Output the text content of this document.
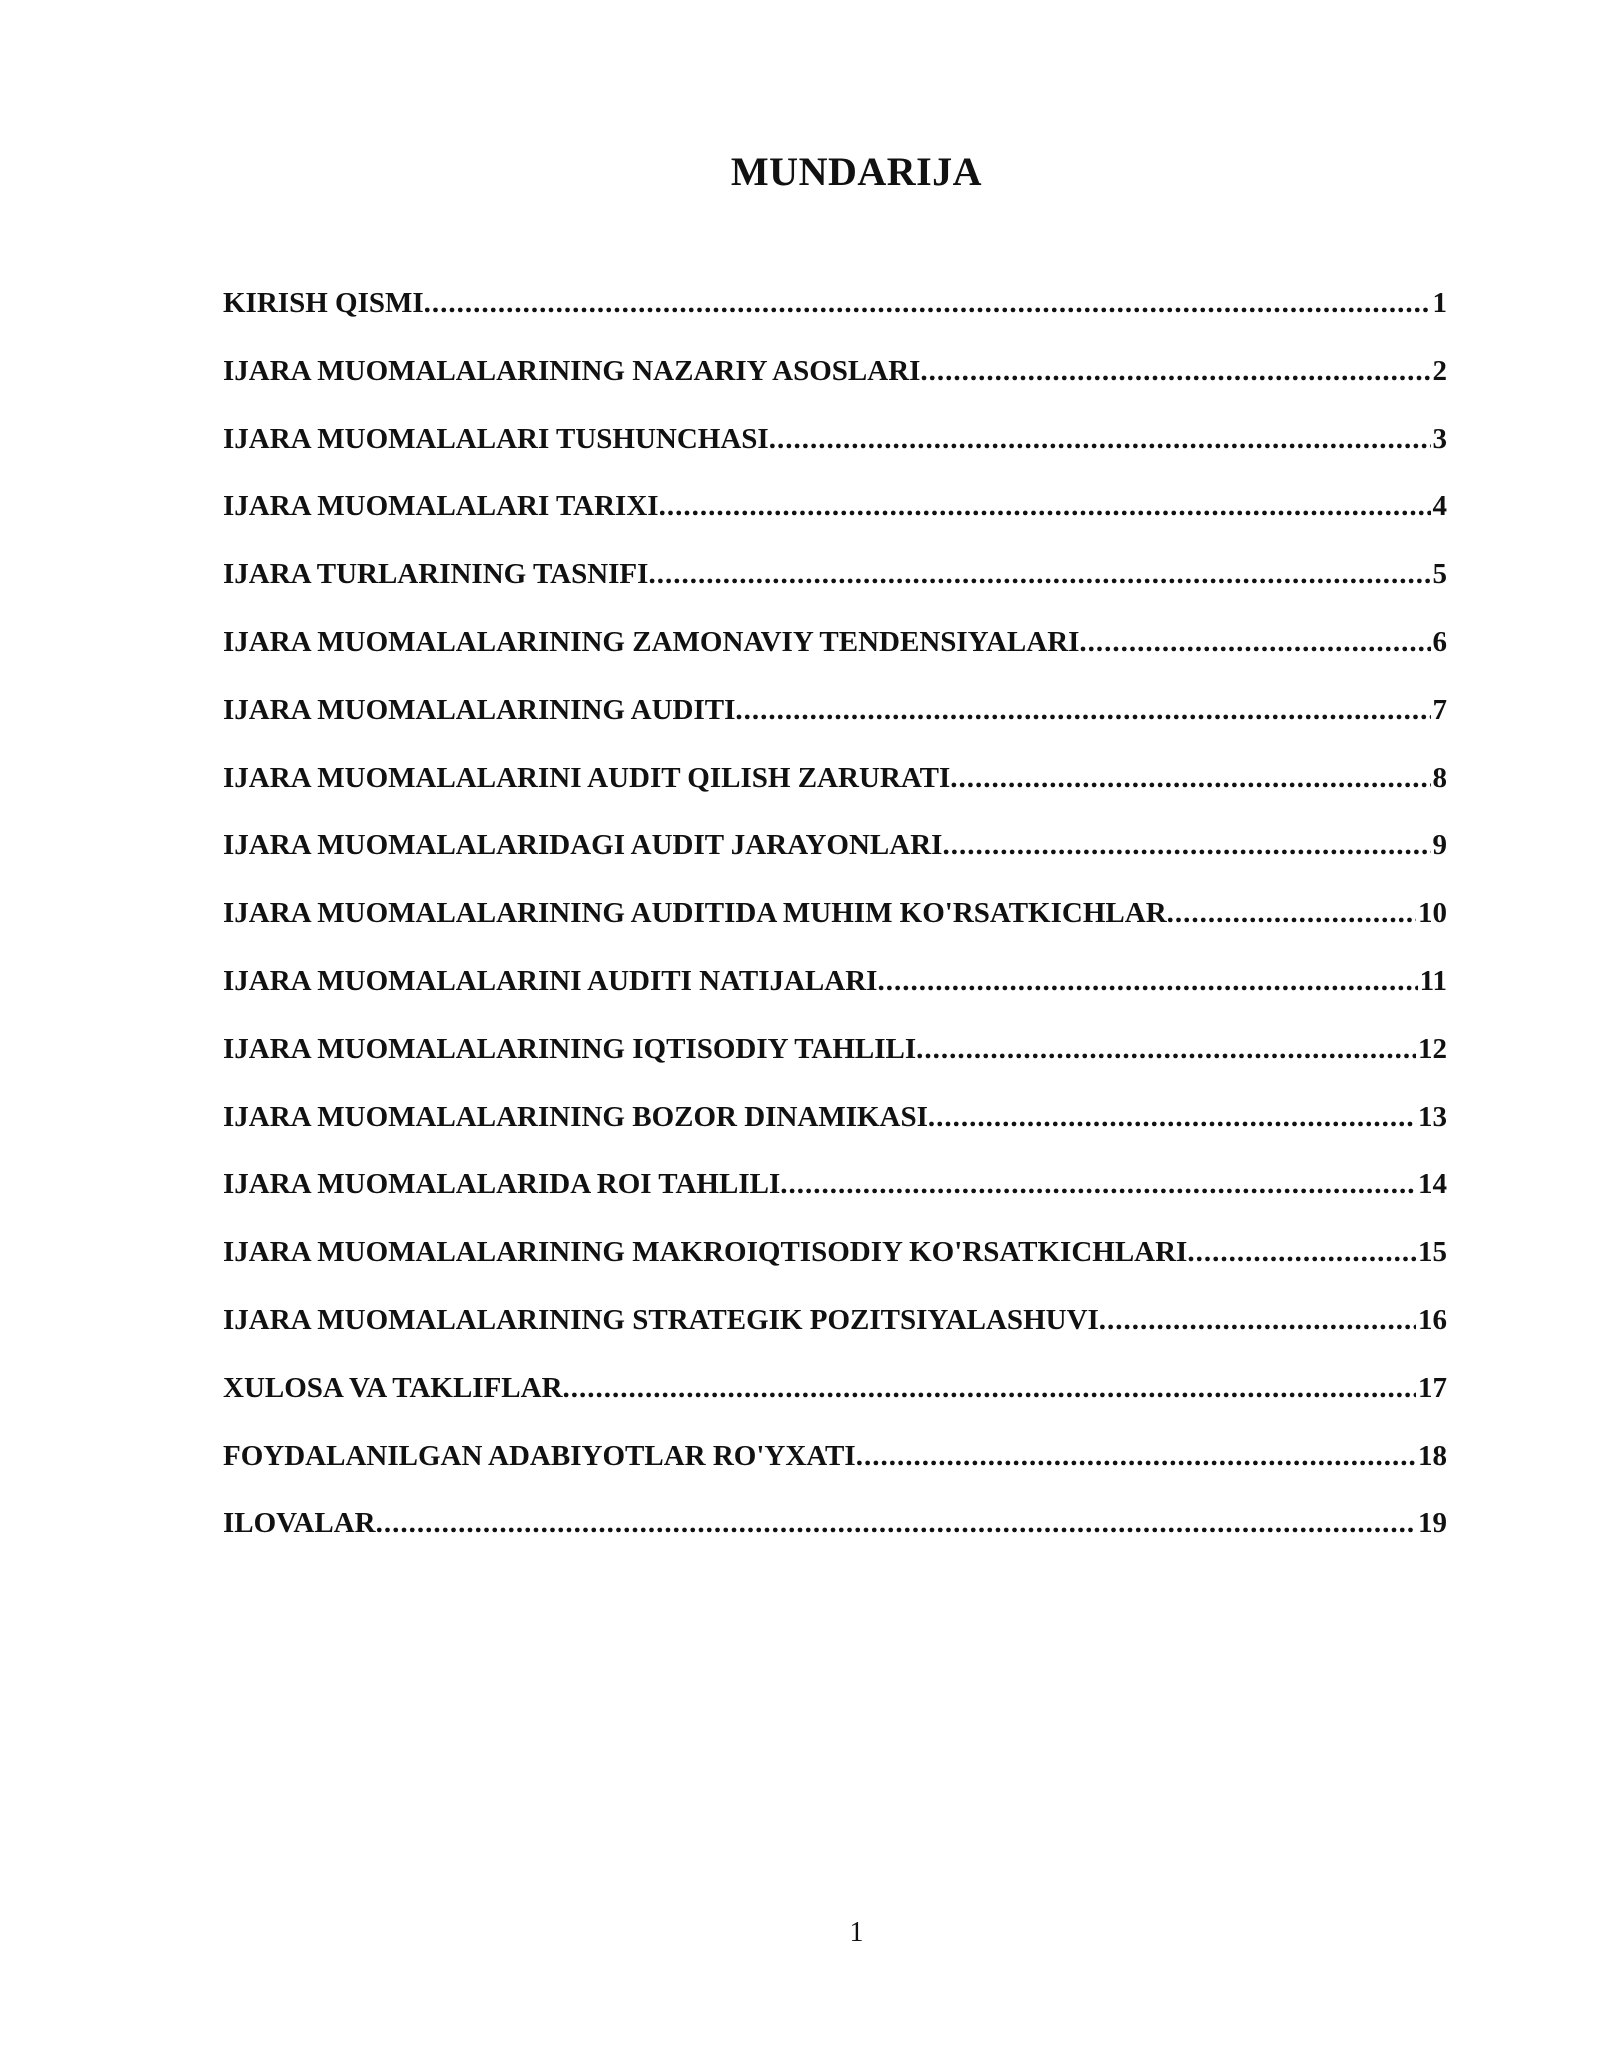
MUNDARIJA
KIRISH QISMI .....	1
IJARA MUOMALALARINING NAZARIY ASOSLARI .....	2
IJARA MUOMALALARI TUSHUNCHASI .....	3
IJARA MUOMALALARI TARIXI .....	4
IJARA TURLARINING TASNIFI .....	5
IJARA MUOMALALARINING ZAMONAVIY TENDENSIYALARI .....	6
IJARA MUOMALALARINING AUDITI .....	7
IJARA MUOMALALARINI AUDIT QILISH ZARURATI .....	8
IJARA MUOMALALARIDAGI AUDIT JARAYONLARI .....	9
IJARA MUOMALALARINING AUDITIDA MUHIM KO'RSATKICHLAR .....	10
IJARA MUOMALALARINI AUDITI NATIJALARI .....	11
IJARA MUOMALALARINING IQTISODIY TAHLILI .....	12
IJARA MUOMALALARINING BOZOR DINAMIKASI .....	13
IJARA MUOMALALARIDA ROI TAHLILI .....	14
IJARA MUOMALALARINING MAKROIQTISODIY KO'RSATKICHLARI .....	15
IJARA MUOMALALARINING STRATEGIK POZITSIYALASHUVI .....	16
XULOSA VA TAKLIFLAR .....	17
FOYDALANILGAN ADABIYOTLAR RO'YXATI .....	18
ILOVALAR .....	19
1
